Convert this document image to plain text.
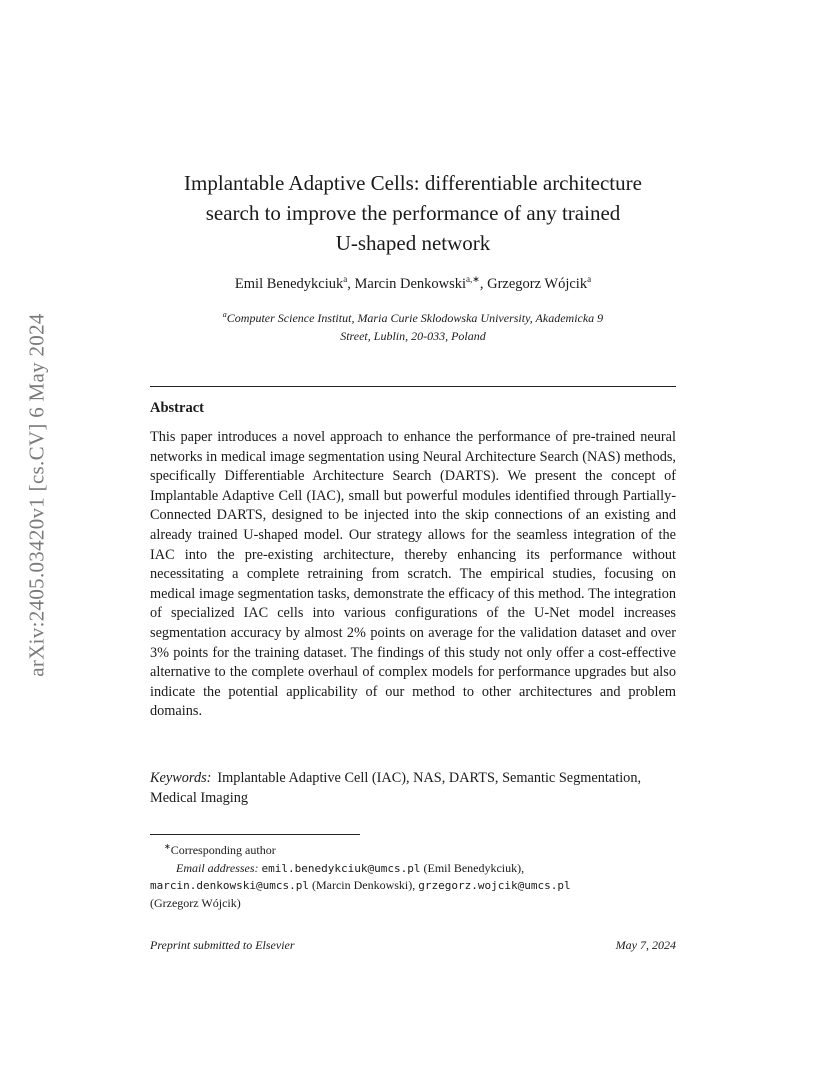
arXiv:2405.03420v1 [cs.CV] 6 May 2024
Implantable Adaptive Cells: differentiable architecture
search to improve the performance of any trained
U-shaped network
Emil Benedykciuk$^a$, Marcin Denkowski$^{a,∗}$, Grzegorz Wójcik$^a$
$^a$Computer Science Institut, Maria Curie Sklodowska University, Akademicka 9
Street, Lublin, 20-033, Poland
Abstract

This paper introduces a novel approach to enhance the performance of pre-trained neural networks in medical image segmentation using Neural Architecture Search (NAS) methods, specifically Differentiable Architecture Search (DARTS). We present the concept of Implantable Adaptive Cell (IAC), small but powerful modules identified through Partially-Connected DARTS, designed to be injected into the skip connections of an existing and already trained U-shaped model. Our strategy allows for the seamless integration of the IAC into the pre-existing architecture, thereby enhancing its performance without necessitating a complete retraining from scratch. The empirical studies, focusing on medical image segmentation tasks, demonstrate the efficacy of this method. The integration of specialized IAC cells into various configurations of the U-Net model increases segmentation accuracy by almost 2% points on average for the validation dataset and over 3% points for the training dataset. The findings of this study not only offer a cost-effective alternative to the complete overhaul of complex models for performance upgrades but also indicate the potential applicability of our method to other architectures and problem domains.

Keywords: Implantable Adaptive Cell (IAC), NAS, DARTS, Semantic Segmentation, Medical Imaging
∗Corresponding author
Email addresses: emil.benedykciuk@umcs.pl (Emil Benedykciuk),
marcin.denkowski@umcs.pl (Marcin Denkowski), grzegorz.wojcik@umcs.pl
(Grzegorz Wójcik)
Preprint submitted to Elsevier	May 7, 2024
